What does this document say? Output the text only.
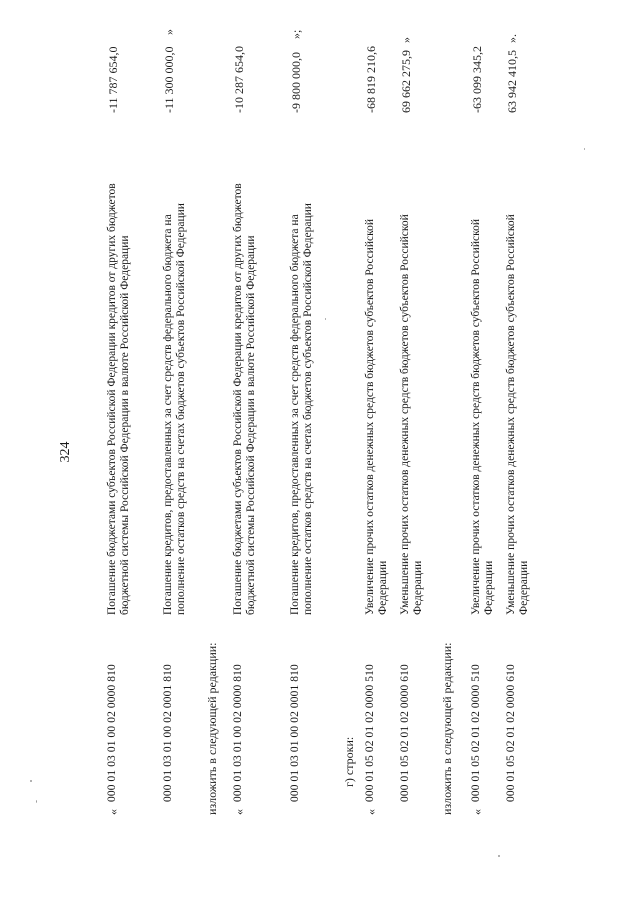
324
«
000 01 03 01 00 02 0000 810
Погашение бюджетами субъектов Российской Федерации кредитов от других бюджетов бюджетной системы Российской Федерации в валюте Российской Федерации
-11 787 654,0
000 01 03 01 00 02 0001 810
Погашение кредитов, предоставленных за счет средств федерального бюджета на пополнение остатков средств на счетах бюджетов субъектов Российской Федерации
-11 300 000,0
»
изложить в следующей редакции: «
000 01 03 01 00 02 0000 810
Погашение бюджетами субъектов Российской Федерации кредитов от других бюджетов бюджетной системы Российской Федерации в валюте Российской Федерации
-10 287 654,0
000 01 03 01 00 02 0001 810
Погашение кредитов, предоставленных за счет средств федерального бюджета на пополнение остатков средств на счетах бюджетов субъектов Российской Федерации
-9 800 000,0
»;
г) строки:
«
000 01 05 02 01 02 0000 510
Увеличение прочих остатков денежных средств бюджетов субъектов Российской Федерации
-68 819 210,6
000 01 05 02 01 02 0000 610
Уменьшение прочих остатков денежных средств бюджетов субъектов Российской Федерации
69 662 275,9
»
изложить в следующей редакции: «
000 01 05 02 01 02 0000 510
Увеличение прочих остатков денежных средств бюджетов субъектов Российской Федерации
-63 099 345,2
000 01 05 02 01 02 0000 610
Уменьшение прочих остатков денежных средств бюджетов субъектов Российской Федерации
63 942 410,5
».
